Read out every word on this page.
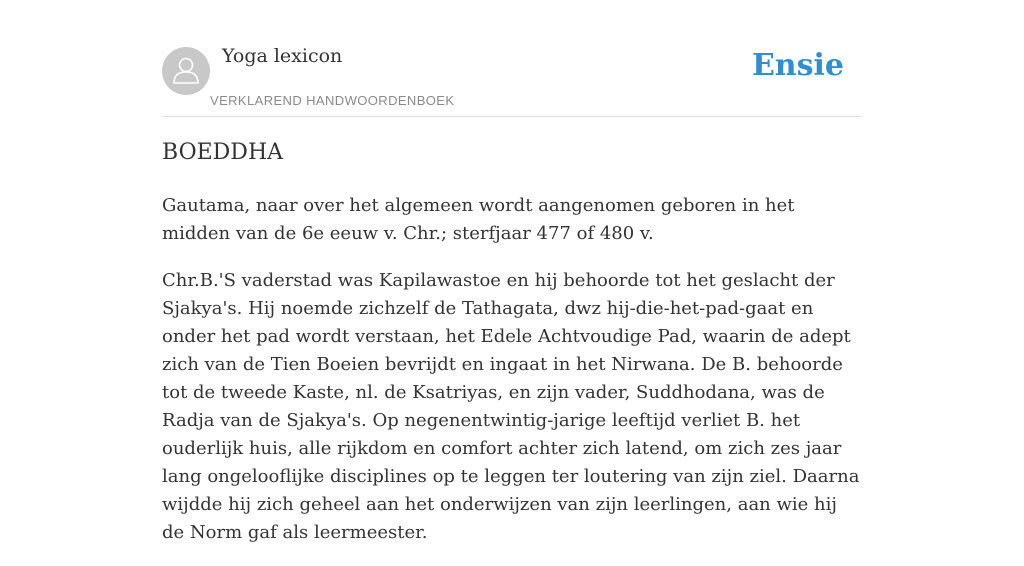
Yoga lexicon
VERKLAREND HANDWOORDENBOEK
Ensie
BOEDDHA

Gautama, naar over het algemeen wordt aangenomen geboren in het midden van de 6e eeuw v. Chr.; sterfjaar 477 of 480 v.

Chr.B.'S vaderstad was Kapilawastoe en hij behoorde tot het geslacht der Sjakya's. Hij noemde zichzelf de Tathagata, dwz hij-die-het-pad-gaat en onder het pad wordt verstaan, het Edele Achtvoudige Pad, waarin de adept zich van de Tien Boeien bevrijdt en ingaat in het Nirwana. De B. behoorde tot de tweede Kaste, nl. de Ksatriyas, en zijn vader, Suddhodana, was de Radja van de Sjakya's. Op negenentwintig-jarige leeftijd verliet B. het ouderlijk huis, alle rijkdom en comfort achter zich latend, om zich zes jaar lang ongelooflijke disciplines op te leggen ter loutering van zijn ziel. Daarna wijdde hij zich geheel aan het onderwijzen van zijn leerlingen, aan wie hij de Norm gaf als leermeester.
